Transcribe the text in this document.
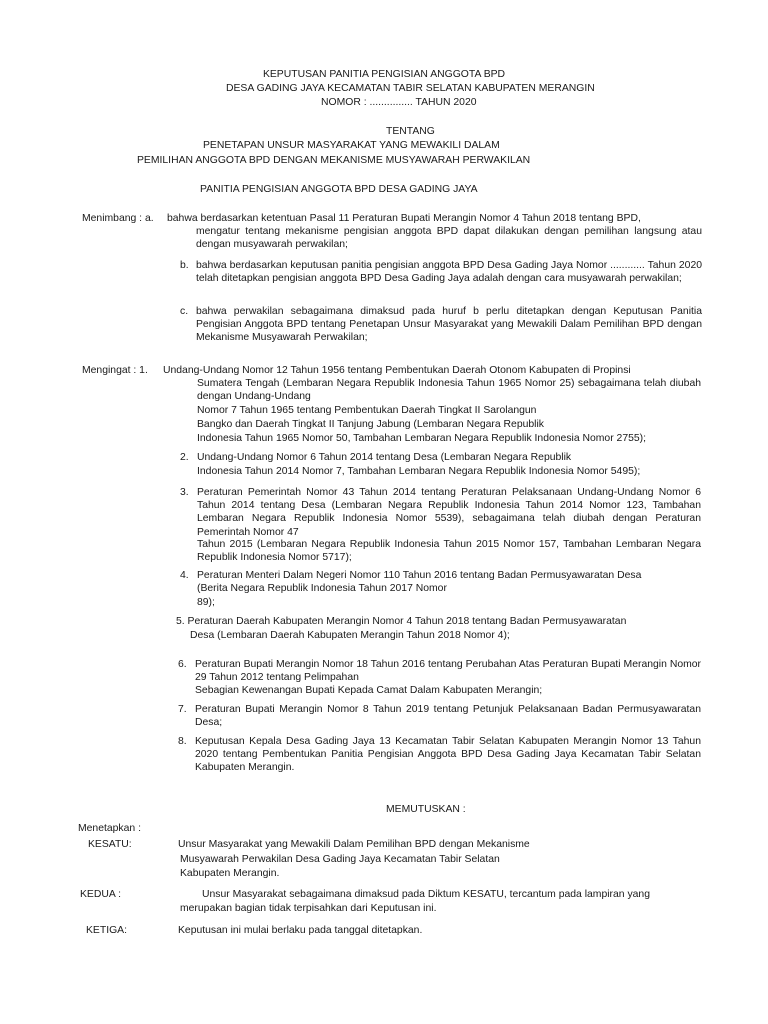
KEPUTUSAN PANITIA PENGISIAN ANGGOTA BPD
DESA GADING JAYA KECAMATAN TABIR SELATAN KABUPATEN MERANGIN
NOMOR : ............... TAHUN 2020
TENTANG
PENETAPAN UNSUR MASYARAKAT YANG MEWAKILI DALAM
PEMILIHAN ANGGOTA BPD DENGAN MEKANISME MUSYAWARAH PERWAKILAN
PANITIA PENGISIAN ANGGOTA BPD DESA GADING JAYA
Menimbang : a. bahwa berdasarkan ketentuan Pasal 11 Peraturan Bupati Merangin Nomor 4 Tahun 2018 tentang BPD,
mengatur tentang mekanisme pengisian anggota BPD dapat dilakukan dengan pemilihan langsung atau dengan musyawarah perwakilan;
b. bahwa berdasarkan keputusan panitia pengisian anggota BPD Desa Gading Jaya Nomor ............ Tahun 2020 telah ditetapkan pengisian anggota BPD Desa Gading Jaya adalah dengan cara musyawarah perwakilan;
c. bahwa perwakilan sebagaimana dimaksud pada huruf b perlu ditetapkan dengan Keputusan Panitia Pengisian Anggota BPD tentang Penetapan Unsur Masyarakat yang Mewakili Dalam Pemilihan BPD dengan Mekanisme Musyawarah Perwakilan;
Mengingat : 1. Undang-Undang Nomor 12 Tahun 1956 tentang Pembentukan Daerah Otonom Kabupaten di Propinsi
Sumatera Tengah (Lembaran Negara Republik Indonesia Tahun 1965 Nomor 25) sebagaimana telah diubah dengan Undang-Undang
Nomor 7 Tahun 1965 tentang Pembentukan Daerah Tingkat II Sarolangun
Bangko dan Daerah Tingkat II Tanjung Jabung (Lembaran Negara Republik
Indonesia Tahun 1965 Nomor 50, Tambahan Lembaran Negara Republik Indonesia Nomor 2755);
2. Undang-Undang Nomor 6 Tahun 2014 tentang Desa (Lembaran Negara Republik
Indonesia Tahun 2014 Nomor 7, Tambahan Lembaran Negara Republik Indonesia Nomor 5495);
3. Peraturan Pemerintah Nomor 43 Tahun 2014 tentang Peraturan Pelaksanaan Undang-Undang Nomor 6 Tahun 2014 tentang Desa (Lembaran Negara Republik Indonesia Tahun 2014 Nomor 123, Tambahan Lembaran Negara Republik Indonesia Nomor 5539), sebagaimana telah diubah dengan Peraturan Pemerintah Nomor 47
Tahun 2015 (Lembaran Negara Republik Indonesia Tahun 2015 Nomor 157, Tambahan Lembaran Negara Republik Indonesia Nomor 5717);
4. Peraturan Menteri Dalam Negeri Nomor 110 Tahun 2016 tentang Badan Permusyawaratan Desa
(Berita Negara Republik Indonesia Tahun 2017 Nomor
89);
5. Peraturan Daerah Kabupaten Merangin Nomor 4 Tahun 2018 tentang Badan Permusyawaratan
Desa (Lembaran Daerah Kabupaten Merangin Tahun 2018 Nomor 4);
6. Peraturan Bupati Merangin Nomor 18 Tahun 2016 tentang Perubahan Atas Peraturan Bupati Merangin Nomor 29 Tahun 2012 tentang Pelimpahan
Sebagian Kewenangan Bupati Kepada Camat Dalam Kabupaten Merangin;
7. Peraturan Bupati Merangin Nomor 8 Tahun 2019 tentang Petunjuk Pelaksanaan Badan Permusyawaratan Desa;
8. Keputusan Kepala Desa Gading Jaya 13 Kecamatan Tabir Selatan Kabupaten Merangin Nomor 13 Tahun 2020 tentang Pembentukan Panitia Pengisian Anggota BPD Desa Gading Jaya Kecamatan Tabir Selatan Kabupaten Merangin.
MEMUTUSKAN :
Menetapkan :
KESATU:	Unsur Masyarakat yang Mewakili Dalam Pemilihan BPD dengan Mekanisme
Musyawarah Perwakilan Desa Gading Jaya Kecamatan Tabir Selatan
Kabupaten Merangin.
KEDUA :	Unsur Masyarakat sebagaimana dimaksud pada Diktum KESATU, tercantum pada lampiran yang
merupakan bagian tidak terpisahkan dari Keputusan ini.
KETIGA:	Keputusan ini mulai berlaku pada tanggal ditetapkan.
